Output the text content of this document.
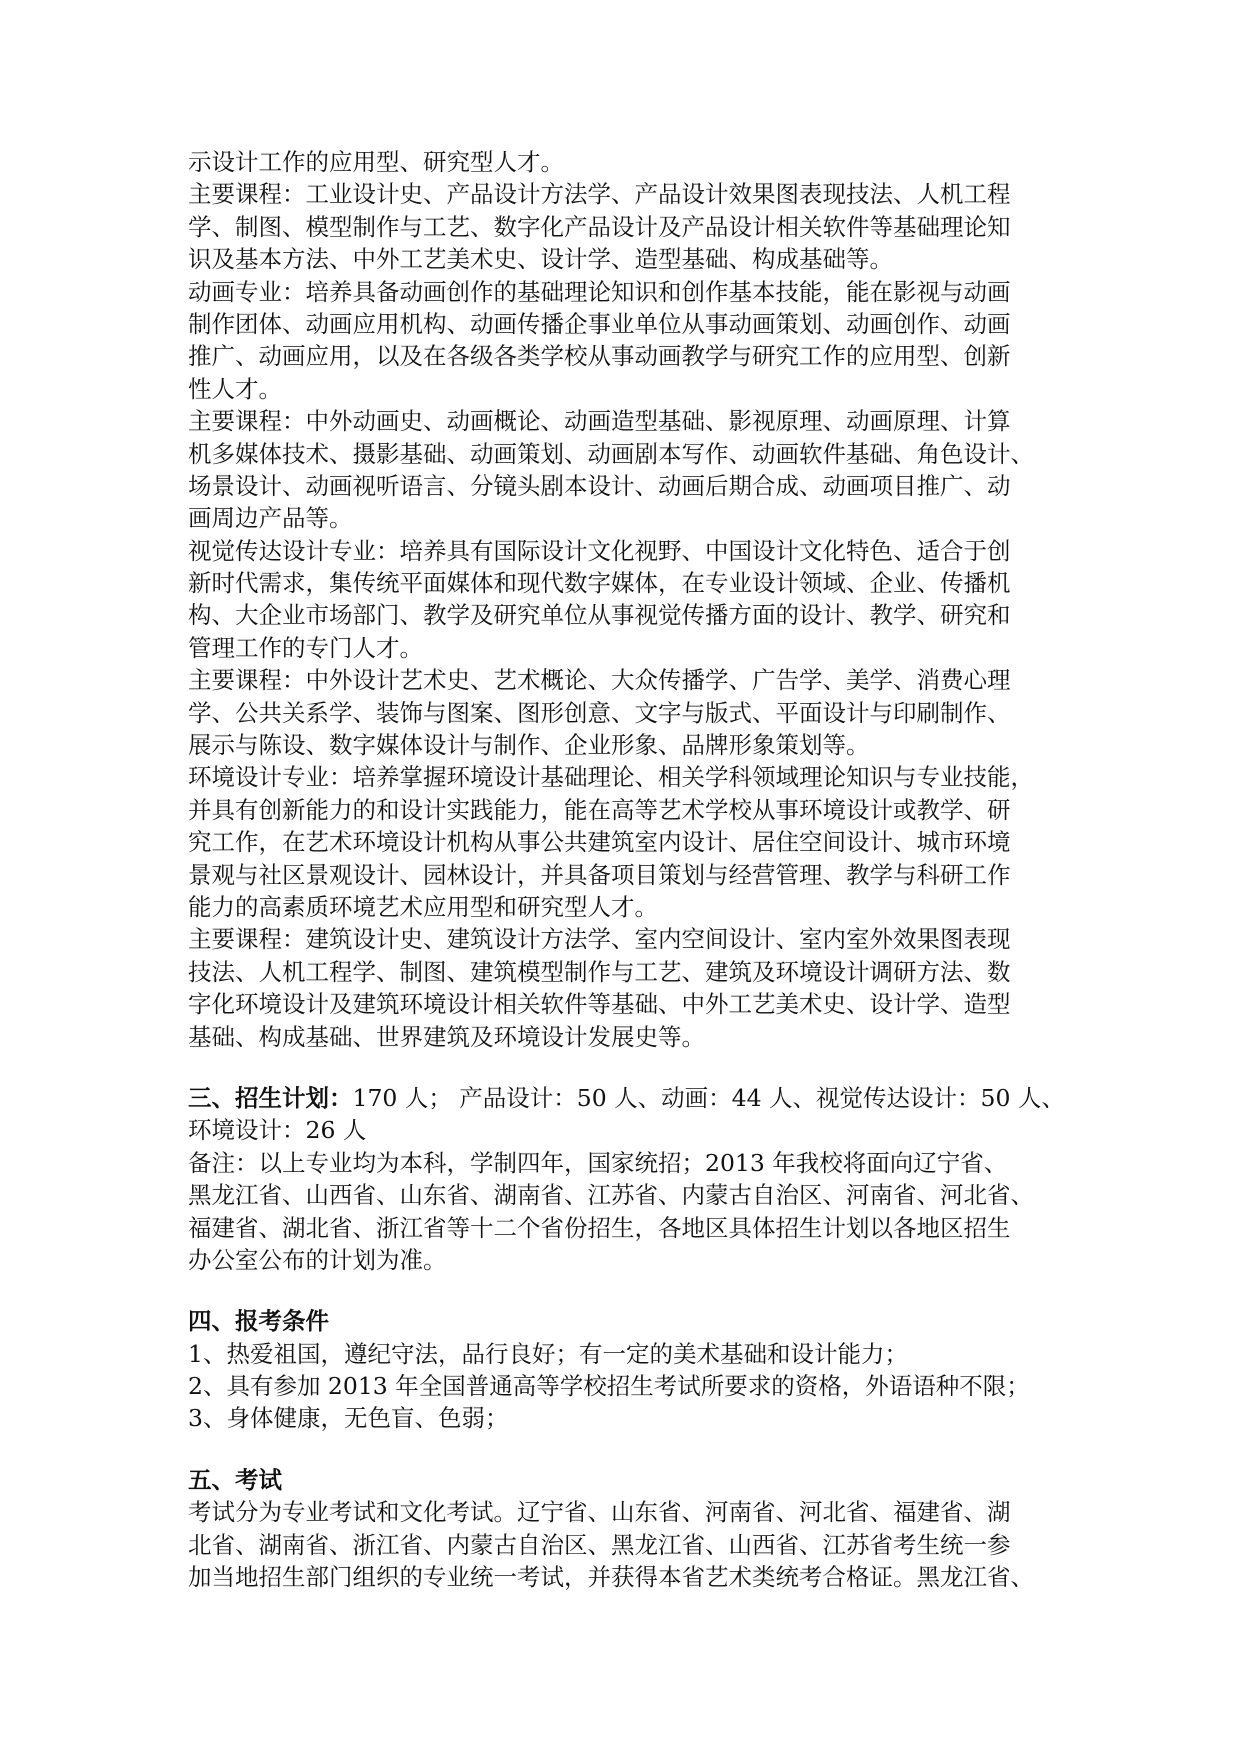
示设计工作的应用型、研究型人才。
主要课程：工业设计史、产品设计方法学、产品设计效果图表现技法、人机工程
学、制图、模型制作与工艺、数字化产品设计及产品设计相关软件等基础理论知
识及基本方法、中外工艺美术史、设计学、造型基础、构成基础等。
动画专业：培养具备动画创作的基础理论知识和创作基本技能，能在影视与动画
制作团体、动画应用机构、动画传播企事业单位从事动画策划、动画创作、动画
推广、动画应用，以及在各级各类学校从事动画教学与研究工作的应用型、创新
性人才。
主要课程：中外动画史、动画概论、动画造型基础、影视原理、动画原理、计算
机多媒体技术、摄影基础、动画策划、动画剧本写作、动画软件基础、角色设计、
场景设计、动画视听语言、分镜头剧本设计、动画后期合成、动画项目推广、动
画周边产品等。
视觉传达设计专业：培养具有国际设计文化视野、中国设计文化特色、适合于创
新时代需求，集传统平面媒体和现代数字媒体，在专业设计领域、企业、传播机
构、大企业市场部门、教学及研究单位从事视觉传播方面的设计、教学、研究和
管理工作的专门人才。
主要课程：中外设计艺术史、艺术概论、大众传播学、广告学、美学、消费心理
学、公共关系学、装饰与图案、图形创意、文字与版式、平面设计与印刷制作、
展示与陈设、数字媒体设计与制作、企业形象、品牌形象策划等。
环境设计专业：培养掌握环境设计基础理论、相关学科领域理论知识与专业技能，
并具有创新能力的和设计实践能力，能在高等艺术学校从事环境设计或教学、研
究工作，在艺术环境设计机构从事公共建筑室内设计、居住空间设计、城市环境
景观与社区景观设计、园林设计，并具备项目策划与经营管理、教学与科研工作
能力的高素质环境艺术应用型和研究型人才。
主要课程：建筑设计史、建筑设计方法学、室内空间设计、室内室外效果图表现
技法、人机工程学、制图、建筑模型制作与工艺、建筑及环境设计调研方法、数
字化环境设计及建筑环境设计相关软件等基础、中外工艺美术史、设计学、造型
基础、构成基础、世界建筑及环境设计发展史等。
三、招生计划：170 人； 产品设计：50 人、动画：44 人、视觉传达设计：50 人、
环境设计：26 人
备注：以上专业均为本科，学制四年，国家统招；2013 年我校将面向辽宁省、
黑龙江省、山西省、山东省、湖南省、江苏省、内蒙古自治区、河南省、河北省、
福建省、湖北省、浙江省等十二个省份招生，各地区具体招生计划以各地区招生
办公室公布的计划为准。
四、报考条件
1、热爱祖国，遵纪守法，品行良好；有一定的美术基础和设计能力；
2、具有参加 2013 年全国普通高等学校招生考试所要求的资格，外语语种不限；
3、身体健康，无色盲、色弱；
五、考试
考试分为专业考试和文化考试。辽宁省、山东省、河南省、河北省、福建省、湖
北省、湖南省、浙江省、内蒙古自治区、黑龙江省、山西省、江苏省考生统一参
加当地招生部门组织的专业统一考试，并获得本省艺术类统考合格证。黑龙江省、
